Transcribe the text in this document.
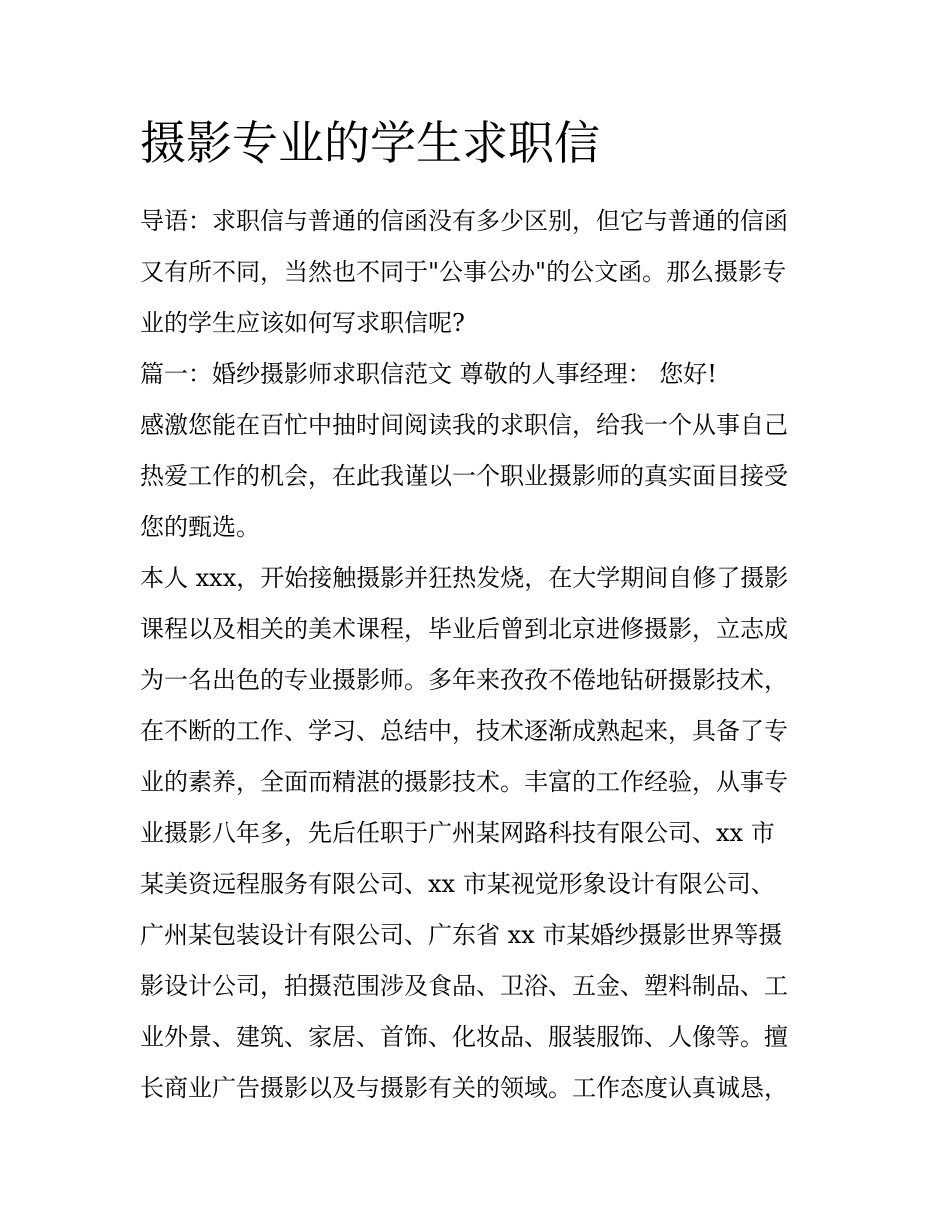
摄影专业的学生求职信
导语：求职信与普通的信函没有多少区别，但它与普通的信函
又有所不同，当然也不同于"公事公办"的公文函。那么摄影专
业的学生应该如何写求职信呢?
篇一：婚纱摄影师求职信范文 尊敬的人事经理： 您好!
感激您能在百忙中抽时间阅读我的求职信，给我一个从事自己
热爱工作的机会，在此我谨以一个职业摄影师的真实面目接受
您的甄选。
本人 xxx，开始接触摄影并狂热发烧，在大学期间自修了摄影
课程以及相关的美术课程，毕业后曾到北京进修摄影，立志成
为一名出色的专业摄影师。多年来孜孜不倦地钻研摄影技术，
在不断的工作、学习、总结中，技术逐渐成熟起来，具备了专
业的素养，全面而精湛的摄影技术。丰富的工作经验，从事专
业摄影八年多，先后任职于广州某网路科技有限公司、xx 市
某美资远程服务有限公司、xx 市某视觉形象设计有限公司、
广州某包装设计有限公司、广东省 xx 市某婚纱摄影世界等摄
影设计公司，拍摄范围涉及食品、卫浴、五金、塑料制品、工
业外景、建筑、家居、首饰、化妆品、服装服饰、人像等。擅
长商业广告摄影以及与摄影有关的领域。工作态度认真诚恳，
